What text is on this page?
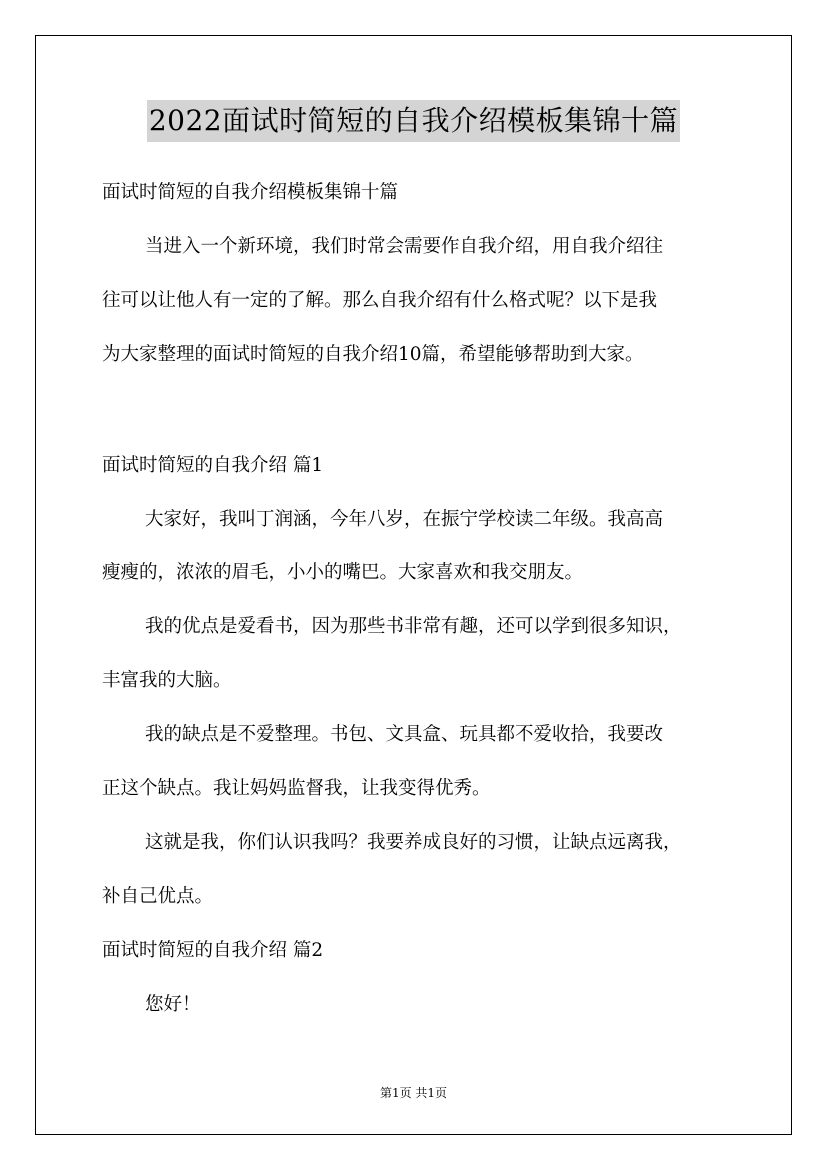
2022面试时简短的自我介绍模板集锦十篇
面试时简短的自我介绍模板集锦十篇
当进入一个新环境，我们时常会需要作自我介绍，用自我介绍往
往可以让他人有一定的了解。那么自我介绍有什么格式呢？以下是我
为大家整理的面试时简短的自我介绍10篇，希望能够帮助到大家。
面试时简短的自我介绍 篇1
大家好，我叫丁润涵，今年八岁，在振宁学校读二年级。我高高
瘦瘦的，浓浓的眉毛，小小的嘴巴。大家喜欢和我交朋友。
我的优点是爱看书，因为那些书非常有趣，还可以学到很多知识，
丰富我的大脑。
我的缺点是不爱整理。书包、文具盒、玩具都不爱收拾，我要改
正这个缺点。我让妈妈监督我，让我变得优秀。
这就是我，你们认识我吗？我要养成良好的习惯，让缺点远离我，
补自己优点。
面试时简短的自我介绍 篇2
您好！
第1页 共1页
